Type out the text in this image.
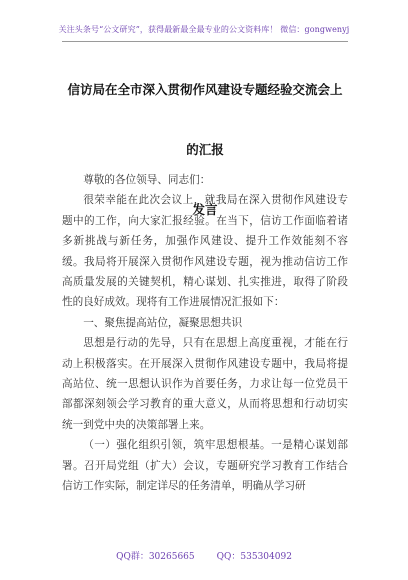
关注头条号“公文研究”，获得最新最全最专业的公文资料库！ 微信：gongwenyj
信访局在全市深入贯彻作风建设专题经验交流会上的汇报
发言

尊敬的各位领导、同志们：

很荣幸能在此次会议上，就我局在深入贯彻作风建设专题中的工作，向大家汇报经验。在当下，信访工作面临着诸多新挑战与新任务，加强作风建设、提升工作效能刻不容缓。我局将开展深入贯彻作风建设专题，视为推动信访工作高质量发展的关键契机，精心谋划、扎实推进，取得了阶段性的良好成效。现将有工作进展情况汇报如下：

一、聚焦提高站位，凝聚思想共识

思想是行动的先导，只有在思想上高度重视，才能在行动上积极落实。在开展深入贯彻作风建设专题中，我局将提高站位、统一思想认识作为首要任务，力求让每一位党员干部都深刻领会学习教育的重大意义，从而将思想和行动切实统一到党中央的决策部署上来。

（一）强化组织引领，筑牢思想根基。一是精心谋划部署。召开局党组（扩大）会议，专题研究学习教育工作结合信访工作实际，制定详尽的任务清单，明确从学习研

QQ群：30265665 QQ：535304092
